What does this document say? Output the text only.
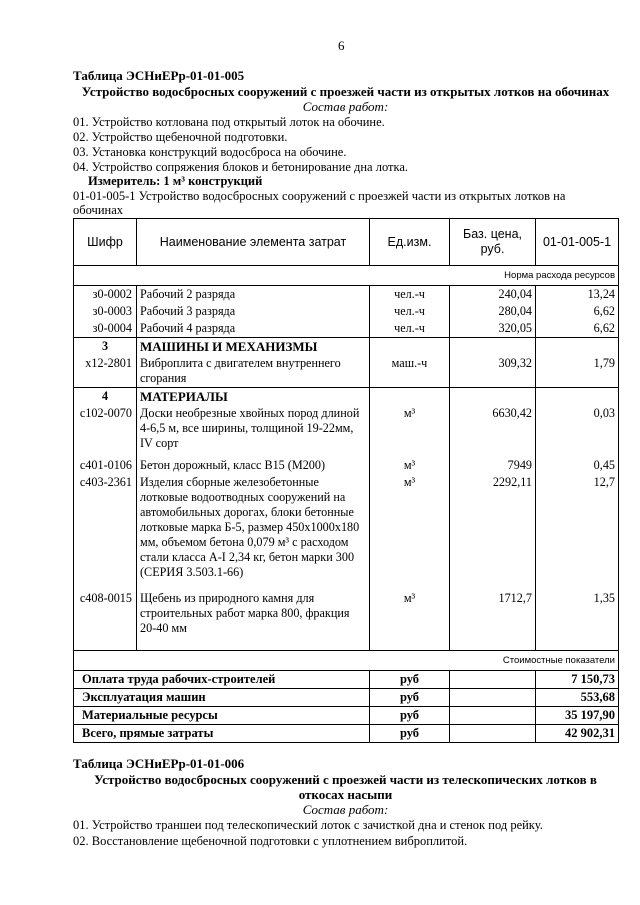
6
Таблица ЭСНиЕРр-01-01-005
Устройство водосбросных сооружений с проезжей части из открытых лотков на обочинах
Состав работ:
01. Устройство котлована под открытый лоток на обочине.
02. Устройство щебеночной подготовки.
03. Установка конструкций водосброса на обочине.
04. Устройство сопряжения блоков и бетонирование дна лотка.
Измеритель: 1 м³ конструкций
01-01-005-1 Устройство водосбросных сооружений с проезжей части из открытых лотков на
обочинах
Шифр	Наименование элемента затрат	Ед.изм.	Баз. цена, руб.	01-01-005-1
Норма расхода ресурсов				
з0-0002	Рабочий 2 разряда	чел.-ч	240,04	13,24
з0-0003	Рабочий 3 разряда	чел.-ч	280,04	6,62
з0-0004	Рабочий 4 разряда	чел.-ч	320,05	6,62
3	МАШИНЫ И МЕХАНИЗМЫ			
х12-2801	Виброплита с двигателем внутреннего сгорания	маш.-ч	309,32	1,79
4	МАТЕРИАЛЫ			
с102-0070	Доски необрезные хвойных пород длиной 4-6,5 м, все ширины, толщиной 19-22мм, IV сорт	м³	6630,42	0,03
с401-0106	Бетон дорожный, класс В15 (М200)	м³	7949	0,45
с403-2361	Изделия сборные железобетонные лотковые водоотводных сооружений на автомобильных дорогах, блоки бетонные лотковые марка Б-5, размер 450х1000х180 мм, объемом бетона 0,079 м³ с расходом стали класса А-I 2,34 кг, бетон марки 300 (СЕРИЯ 3.503.1-66)	м³	2292,11	12,7
с408-0015	Щебень из природного камня для строительных работ марка 800, фракция 20-40 мм	м³	1712,7	1,35
Стоимостные показатели				
Оплата труда рабочих-строителей		руб		7 150,73
Эксплуатация машин		руб		553,68
Материальные ресурсы		руб		35 197,90
Всего, прямые затраты		руб		42 902,31
Таблица ЭСНиЕРр-01-01-006
Устройство водосбросных сооружений с проезжей части из телескопических лотков в
откосах насыпи
Состав работ:
01. Устройство траншеи под телескопический лоток с зачисткой дна и стенок под рейку.
02. Восстановление щебеночной подготовки с уплотнением виброплитой.
